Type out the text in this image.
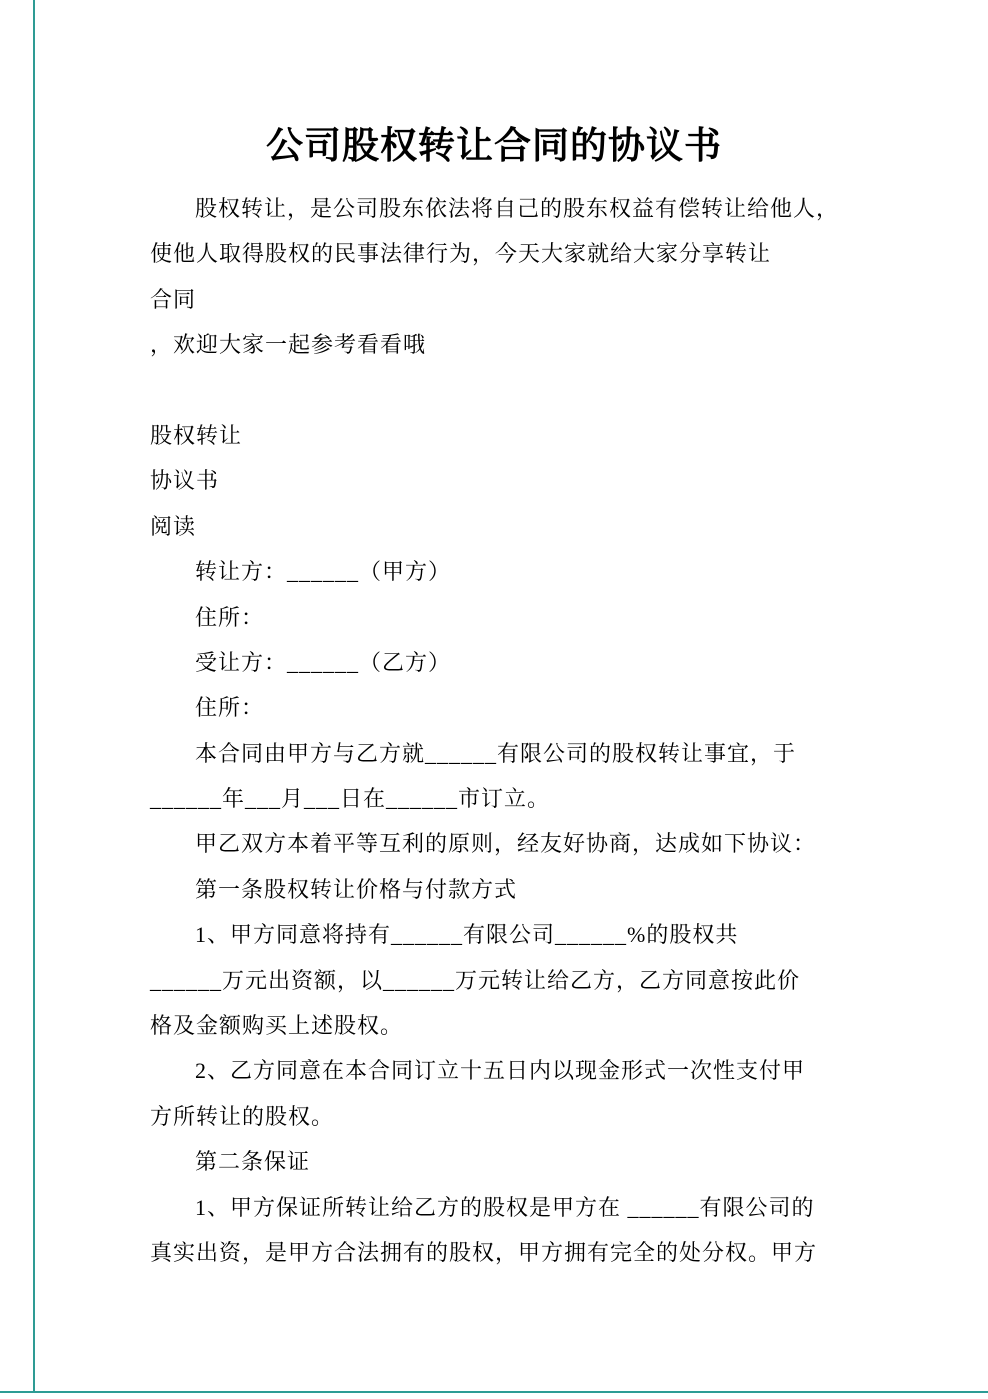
公司股权转让合同的协议书
股权转让，是公司股东依法将自己的股东权益有偿转让给他人，
使他人取得股权的民事法律行为，今天大家就给大家分享转让
合同
，欢迎大家一起参考看看哦

股权转让
协议书
阅读
转让方：______（甲方）
住所：
受让方：______（乙方）
住所：
本合同由甲方与乙方就______有限公司的股权转让事宜，于
______年___月___日在______市订立。
甲乙双方本着平等互利的原则，经友好协商，达成如下协议：
第一条股权转让价格与付款方式
1、甲方同意将持有______有限公司______%的股权共
______万元出资额，以______万元转让给乙方，乙方同意按此价
格及金额购买上述股权。
2、乙方同意在本合同订立十五日内以现金形式一次性支付甲
方所转让的股权。
第二条保证
1、甲方保证所转让给乙方的股权是甲方在 ______有限公司的
真实出资，是甲方合法拥有的股权，甲方拥有完全的处分权。甲方
